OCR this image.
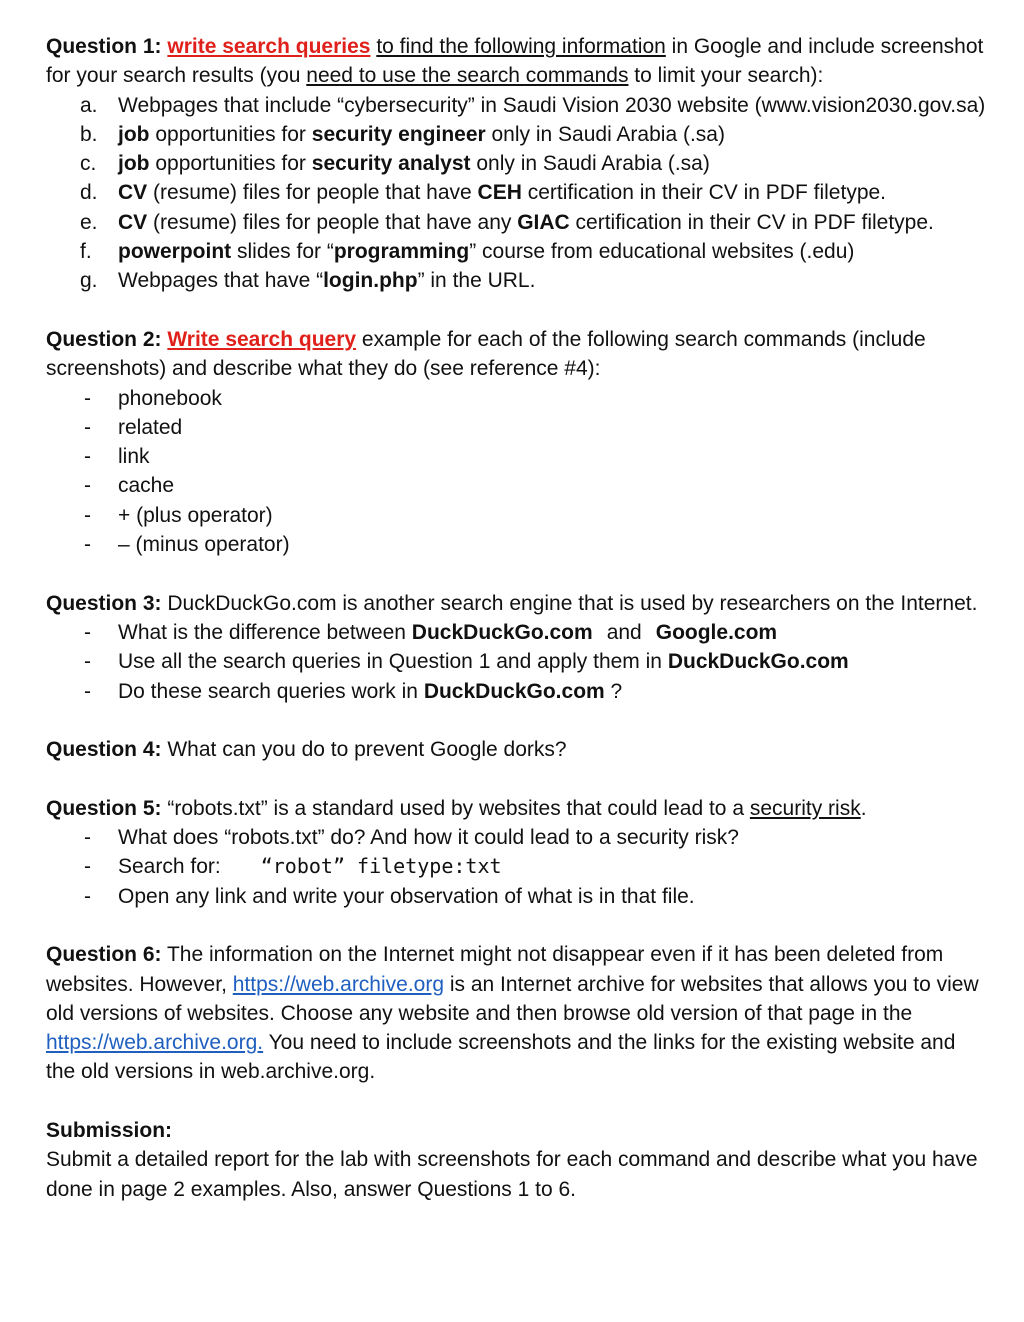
Question 1: write search queries to find the following information in Google and include screenshot for your search results (you need to use the search commands to limit your search):

a. Webpages that include “cybersecurity” in Saudi Vision 2030 website (www.vision2030.gov.sa)
b. job opportunities for security engineer only in Saudi Arabia (.sa)
c. job opportunities for security analyst only in Saudi Arabia (.sa)
d. CV (resume) files for people that have CEH certification in their CV in PDF filetype.
e. CV (resume) files for people that have any GIAC certification in their CV in PDF filetype.
f. powerpoint slides for “programming” course from educational websites (.edu)
g. Webpages that have “login.php” in the URL.

Question 2: Write search query example for each of the following search commands (include screenshots) and describe what they do (see reference #4):

- phonebook
- related
- link
- cache
- + (plus operator)
- – (minus operator)

Question 3: DuckDuckGo.com is another search engine that is used by researchers on the Internet.

- What is the difference between DuckDuckGo.com and Google.com
- Use all the search queries in Question 1 and apply them in DuckDuckGo.com
- Do these search queries work in DuckDuckGo.com ?

Question 4: What can you do to prevent Google dorks?

Question 5: “robots.txt” is a standard used by websites that could lead to a security risk.

- What does “robots.txt” do? And how it could lead to a security risk?
- Search for: “robot” filetype:txt
- Open any link and write your observation of what is in that file.

Question 6: The information on the Internet might not disappear even if it has been deleted from websites. However, https://web.archive.org is an Internet archive for websites that allows you to view old versions of websites. Choose any website and then browse old version of that page in the https://web.archive.org. You need to include screenshots and the links for the existing website and the old versions in web.archive.org.

Submission:

Submit a detailed report for the lab with screenshots for each command and describe what you have done in page 2 examples. Also, answer Questions 1 to 6.
